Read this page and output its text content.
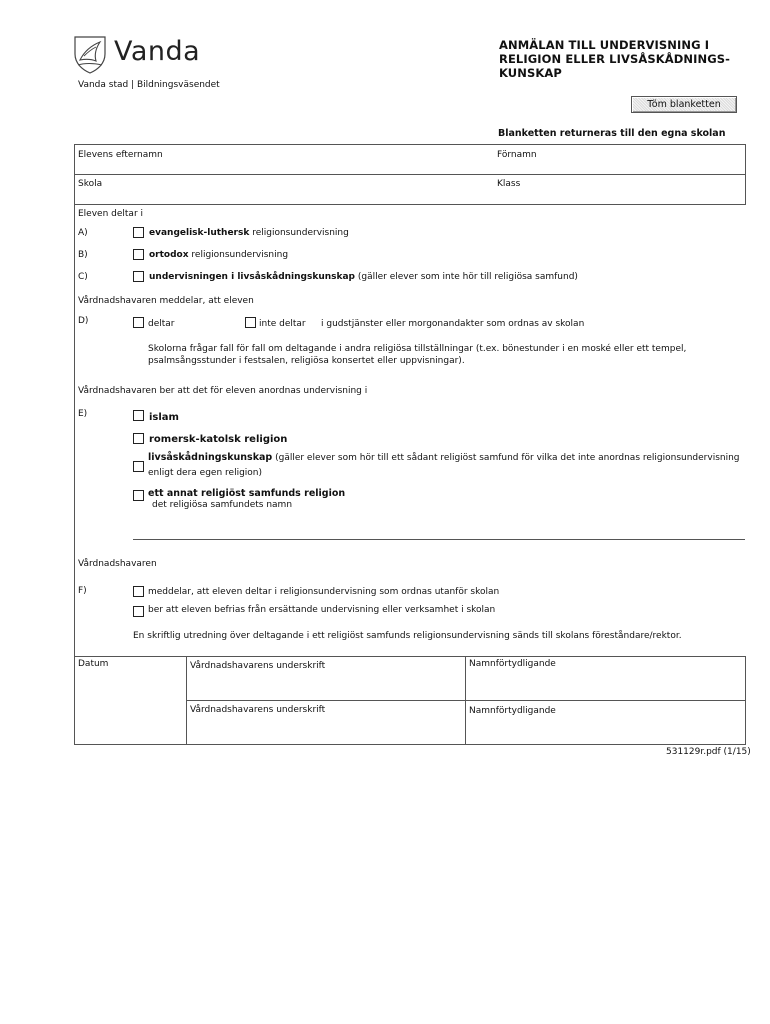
Vanda
Vanda stad | Bildningsväsendet
ANMÄLAN TILL UNDERVISNING I
RELIGION ELLER LIVSÅSKÅDNINGS-
KUNSKAP
Töm blanketten
Blanketten returneras till den egna skolan
Elevens efternamn	Förnamn
Skola	Klass
Eleven deltar i
A)	evangelisk-luthersk religionsundervisning
B)	ortodox religionsundervisning
C)	undervisningen i livsåskådningskunskap (gäller elever som inte hör till religiösa samfund)
Vårdnadshavaren meddelar, att eleven
D)	deltar	inte deltar i gudstjänster eller morgonandakter som ordnas av skolan
Skolorna frågar fall för fall om deltagande i andra religiösa tillställningar (t.ex. bönestunder i en moské eller ett tempel,
psalmsångsstunder i festsalen, religiösa konsertet eller uppvisningar).
Vårdnadshavaren ber att det för eleven anordnas undervisning i
E)	islam
romersk-katolsk religion
livsåskådningskunskap (gäller elever som hör till ett sådant religiöst samfund för vilka det inte anordnas religionsundervisning
enligt dera egen religion)
ett annat religiöst samfunds religion
det religiösa samfundets namn
Vårdnadshavaren
F)	meddelar, att eleven deltar i religionsundervisning som ordnas utanför skolan
ber att eleven befrias från ersättande undervisning eller verksamhet i skolan
En skriftlig utredning över deltagande i ett religiöst samfunds religionsundervisning sänds till skolans föreståndare/rektor.
Datum	Vårdnadshavarens underskrift	Namnförtydligande
Vårdnadshavarens underskrift	Namnförtydligande
531129r.pdf (1/15)
